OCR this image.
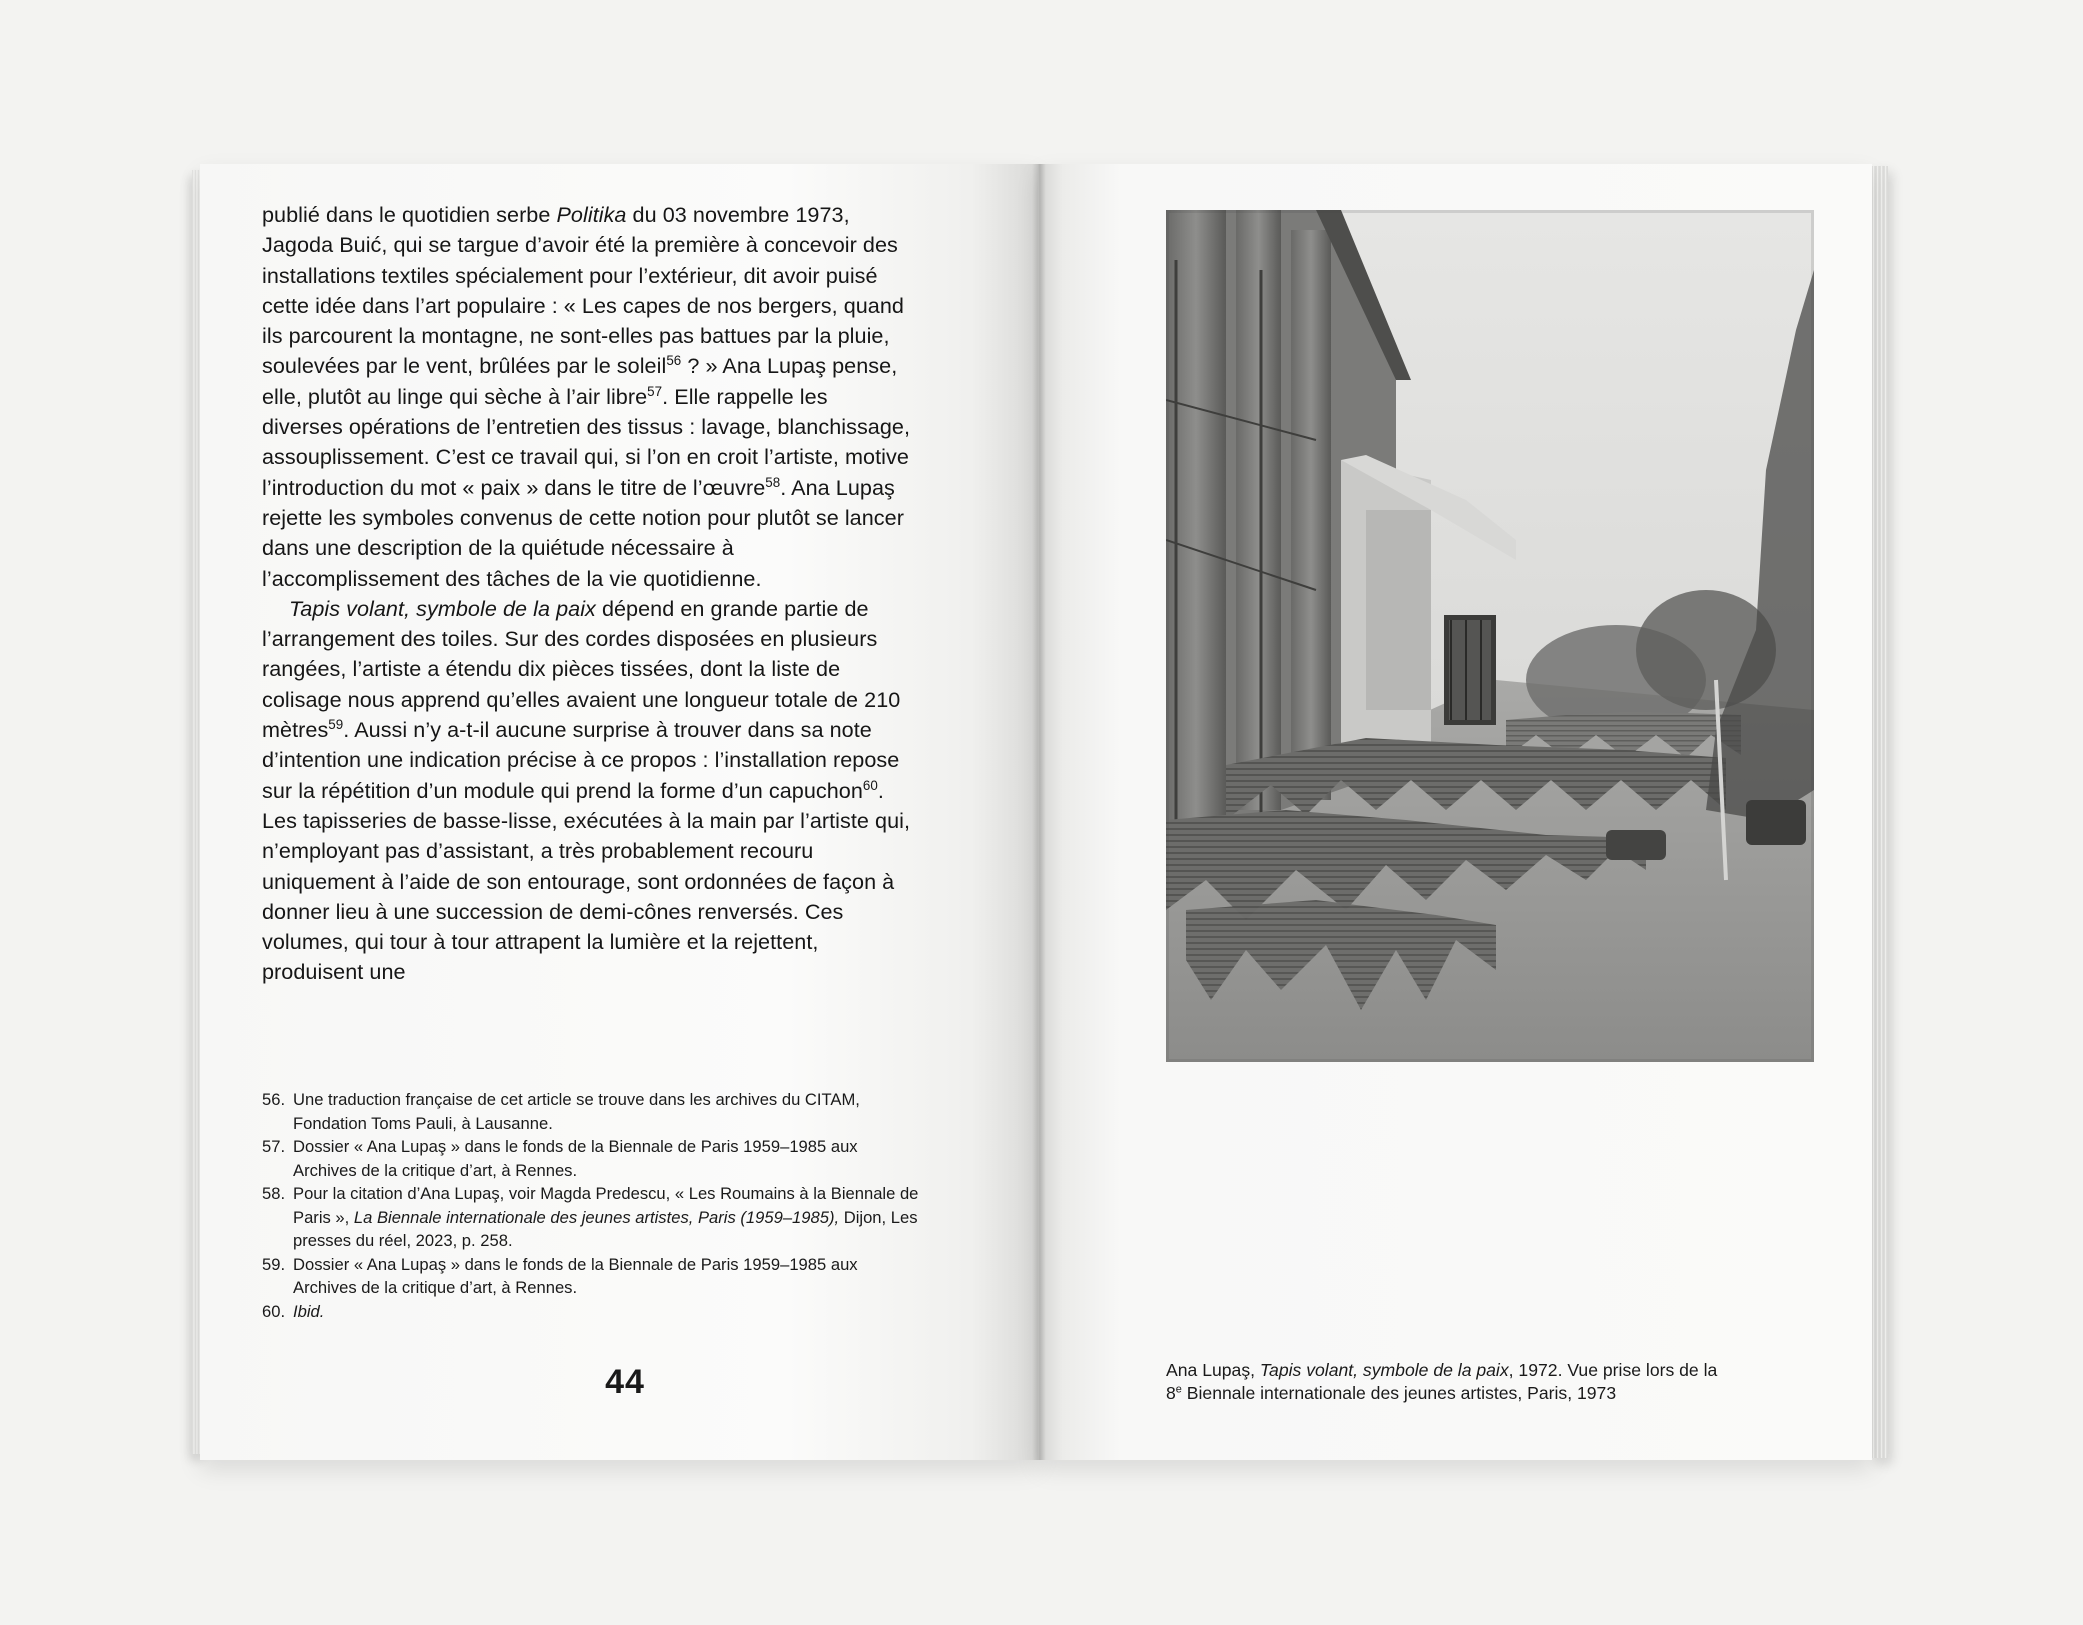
publié dans le quotidien serbe Politika du 03 novembre 1973, Jagoda Buić, qui se targue d’avoir été la première à concevoir des installations textiles spécialement pour l’extérieur, dit avoir puisé cette idée dans l’art populaire : « Les capes de nos bergers, quand ils parcourent la montagne, ne sont-elles pas battues par la pluie, soulevées par le vent, brûlées par le soleil$^{56}$ ? » Ana Lupaş pense, elle, plutôt au linge qui sèche à l’air libre$^{57}$. Elle rappelle les diverses opérations de l’entretien des tissus : lavage, blanchissage, assouplissement. C’est ce travail qui, si l’on en croit l’artiste, motive l’introduction du mot « paix » dans le titre de l’œuvre$^{58}$. Ana Lupaş rejette les symboles convenus de cette notion pour plutôt se lancer dans une description de la quiétude nécessaire à l’accomplissement des tâches de la vie quotidienne.

Tapis volant, symbole de la paix dépend en grande partie de l’arrangement des toiles. Sur des cordes disposées en plusieurs rangées, l’artiste a étendu dix pièces tissées, dont la liste de colisage nous apprend qu’elles avaient une longueur totale de 210 mètres$^{59}$. Aussi n’y a-t-il aucune surprise à trouver dans sa note d’intention une indication précise à ce propos : l’installation repose sur la répétition d’un module qui prend la forme d’un capuchon$^{60}$. Les tapisseries de basse-lisse, exécutées à la main par l’artiste qui, n’employant pas d’assistant, a très probablement recouru uniquement à l’aide de son entourage, sont ordonnées de façon à donner lieu à une succession de demi-cônes renversés. Ces volumes, qui tour à tour attrapent la lumière et la rejettent, produisent une

56. Une traduction française de cet article se trouve dans les archives du CITAM, Fondation Toms Pauli, à Lausanne.
57. Dossier « Ana Lupaş » dans le fonds de la Biennale de Paris 1959–1985 aux Archives de la critique d’art, à Rennes.
58. Pour la citation d’Ana Lupaş, voir Magda Predescu, « Les Roumains à la Biennale de Paris », La Biennale internationale des jeunes artistes, Paris (1959–1985), Dijon, Les presses du réel, 2023, p. 258.
59. Dossier « Ana Lupaş » dans le fonds de la Biennale de Paris 1959–1985 aux Archives de la critique d’art, à Rennes.
60. Ibid.
44	Ana Lupaş, Tapis volant, symbole de la paix, 1972. Vue prise lors de la
8e Biennale internationale des jeunes artistes, Paris, 1973
